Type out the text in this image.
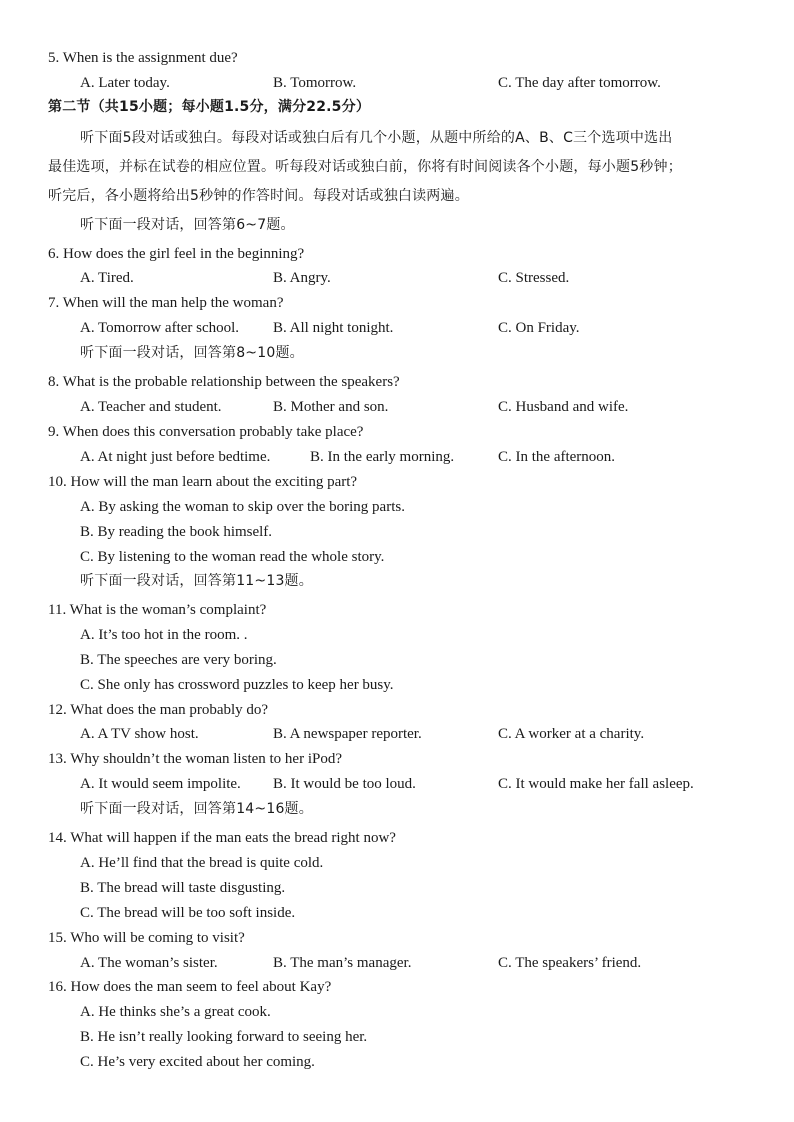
5. When is the assignment due?
A. Later today.	B. Tomorrow.	C. The day after tomorrow.
第二节（共15小题；每小题1.5分，满分22.5分）
听下面5段对话或独白。每段对话或独白后有几个小题，从题中所给的A、B、C三个选项中选出
最佳选项，并标在试卷的相应位置。听每段对话或独白前，你将有时间阅读各个小题，每小题5秒钟；
听完后，各小题将给出5秒钟的作答时间。每段对话或独白读两遍。
听下面一段对话，回答第6~7题。
6. How does the girl feel in the beginning?
A. Tired.	B. Angry.	C. Stressed.
7. When will the man help the woman?
A. Tomorrow after school. B. All night tonight.	C. On Friday.
听下面一段对话，回答第8~10题。
8. What is the probable relationship between the speakers?
A. Teacher and student.	B. Mother and son.	C. Husband and wife.
9. When does this conversation probably take place?
A. At night just before bedtime.	B. In the early morning.	C. In the afternoon.
10. How will the man learn about the exciting part?
A. By asking the woman to skip over the boring parts.
B. By reading the book himself.
C. By listening to the woman read the whole story.
听下面一段对话，回答第11~13题。
11. What is the woman’s complaint?
A. It’s too hot in the room. .
B. The speeches are very boring.
C. She only has crossword puzzles to keep her busy.
12. What does the man probably do?
A. A TV show host.	B. A newspaper reporter.	C. A worker at a charity.
13. Why shouldn’t the woman listen to her iPod?
A. It would seem impolite. B. It would be too loud.	C. It would make her fall asleep.
听下面一段对话，回答第14~16题。
14. What will happen if the man eats the bread right now?
A. He’ll find that the bread is quite cold.
B. The bread will taste disgusting.
C. The bread will be too soft inside.
15. Who will be coming to visit?
A. The woman’s sister.	B. The man’s manager.	C. The speakers’ friend.
16. How does the man seem to feel about Kay?
A. He thinks she’s a great cook.
B. He isn’t really looking forward to seeing her.
C. He’s very excited about her coming.
